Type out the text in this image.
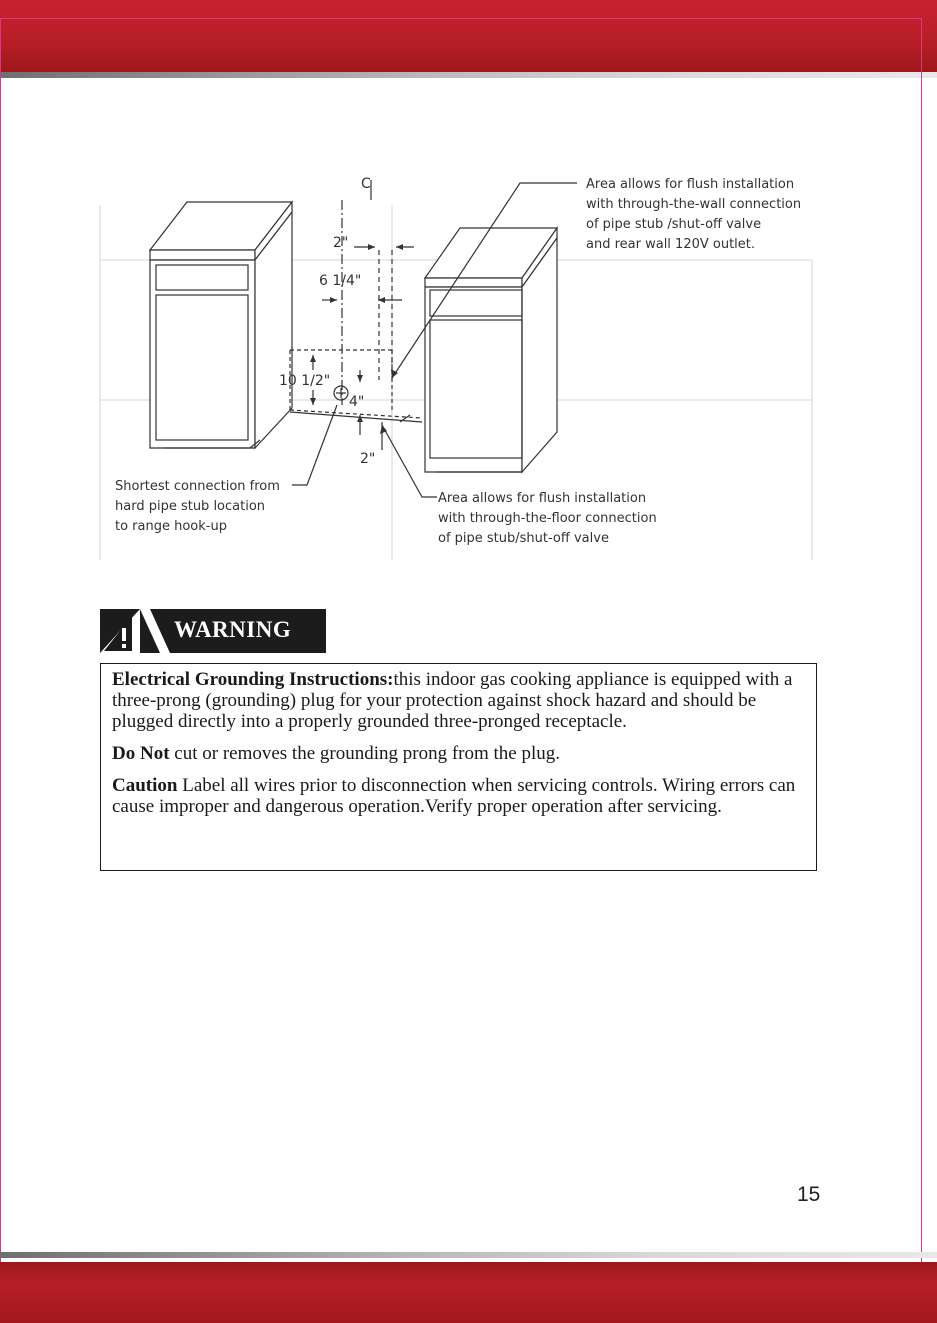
C
2"
6 1/4"
10 1/2"
4"
2"
Area allows for flush installation
with through-the-wall connection
of pipe stub /shut-off valve
and rear wall 120V outlet.
Shortest connection from
hard pipe stub location
to range hook-up
Area allows for flush installation
with through-the-floor connection
of pipe stub/shut-off valve
WARNING

Electrical Grounding Instructions:this indoor gas cooking appliance is equipped with a three-prong (grounding) plug for your protection against shock hazard and should be plugged directly into a properly grounded three-pronged receptacle.

Do Not cut or removes the grounding prong from the plug.

Caution Label all wires prior to disconnection when servicing controls. Wiring errors can cause improper and dangerous operation.Verify proper operation after servicing.

15
